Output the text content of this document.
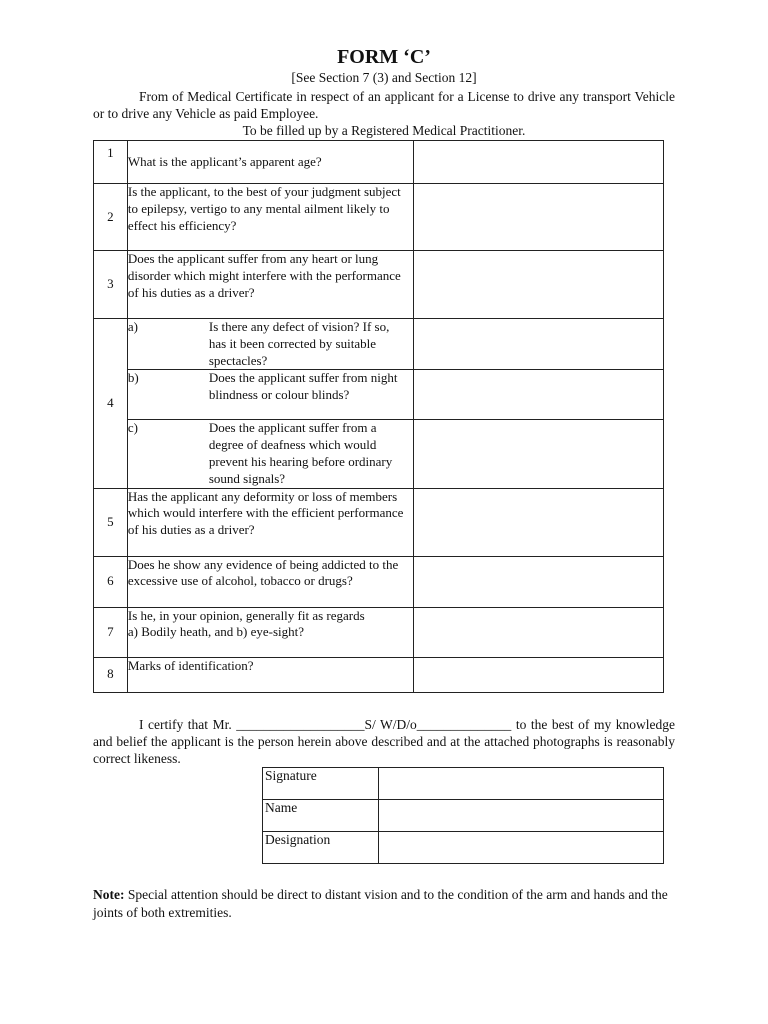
FORM ‘C’
[See Section 7 (3) and Section 12]
From of Medical Certificate in respect of an applicant for a License to drive any transport Vehicle or to drive any Vehicle as paid Employee.
To be filled up by a Registered Medical Practitioner.
1	What is the applicant’s apparent age?	
2	Is the applicant, to the best of your judgment subject to epilepsy, vertigo to any mental ailment likely to effect his efficiency?	
3	Does the applicant suffer from any heart or lung disorder which might interfere with the performance of his duties as a driver?	
4	a) Is there any defect of vision? If so, has it been corrected by suitable spectacles?	

	b) Does the applicant suffer from night blindness or colour blinds?	

	c) Does the applicant suffer from a degree of deafness which would prevent his hearing before ordinary sound signals?	

5	Has the applicant any deformity or loss of members which would interfere with the efficient performance of his duties as a driver?	
6	Does he show any evidence of being addicted to the excessive use of alcohol, tobacco or drugs?	
7	Is he, in your opinion, generally fit as regards
a) Bodily heath, and b) eye-sight?	

8	Marks of identification?	
I certify that Mr. ___________________S/ W/D/o______________ to the best of my knowledge and belief the applicant is the person herein above described and at the attached photographs is reasonably correct likeness.
Signature	
Name	
Designation	
Note: Special attention should be direct to distant vision and to the condition of the arm and hands and the joints of both extremities.
